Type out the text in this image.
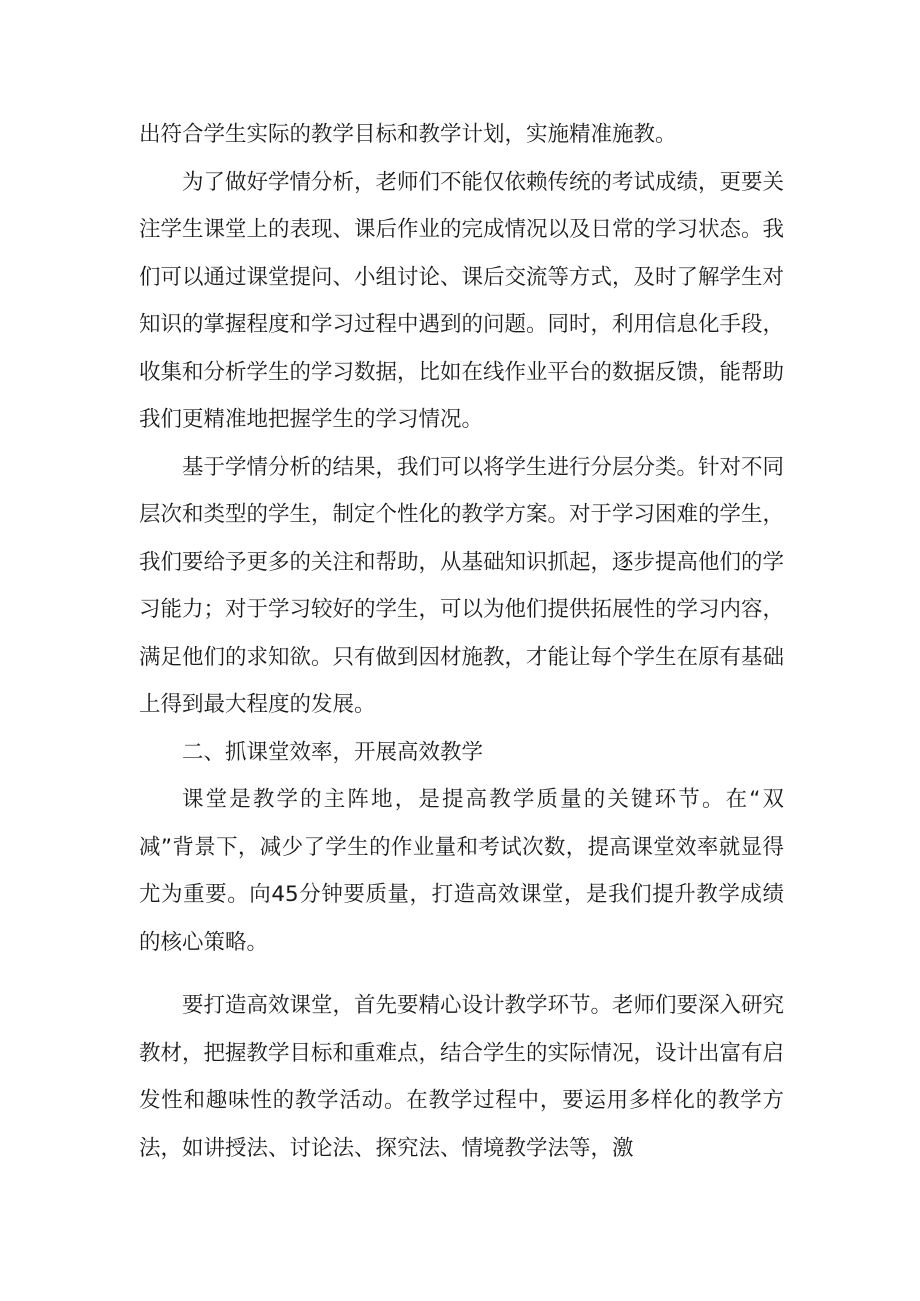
出符合学生实际的教学目标和教学计划，实施精准施教。

为了做好学情分析，老师们不能仅依赖传统的考试成绩，更要关注学生课堂上的表现、课后作业的完成情况以及日常的学习状态。我们可以通过课堂提问、小组讨论、课后交流等方式，及时了解学生对知识的掌握程度和学习过程中遇到的问题。同时，利用信息化手段，收集和分析学生的学习数据，比如在线作业平台的数据反馈，能帮助我们更精准地把握学生的学习情况。

基于学情分析的结果，我们可以将学生进行分层分类。针对不同层次和类型的学生，制定个性化的教学方案。对于学习困难的学生，我们要给予更多的关注和帮助，从基础知识抓起，逐步提高他们的学习能力；对于学习较好的学生，可以为他们提供拓展性的学习内容，满足他们的求知欲。只有做到因材施教，才能让每个学生在原有基础上得到最大程度的发展。

二、抓课堂效率，开展高效教学

课堂是教学的主阵地，是提高教学质量的关键环节。在“双减”背景下，减少了学生的作业量和考试次数，提高课堂效率就显得尤为重要。向45分钟要质量，打造高效课堂，是我们提升教学成绩的核心策略。

要打造高效课堂，首先要精心设计教学环节。老师们要深入研究教材，把握教学目标和重难点，结合学生的实际情况，设计出富有启发性和趣味性的教学活动。在教学过程中，要运用多样化的教学方法，如讲授法、讨论法、探究法、情境教学法等，激
